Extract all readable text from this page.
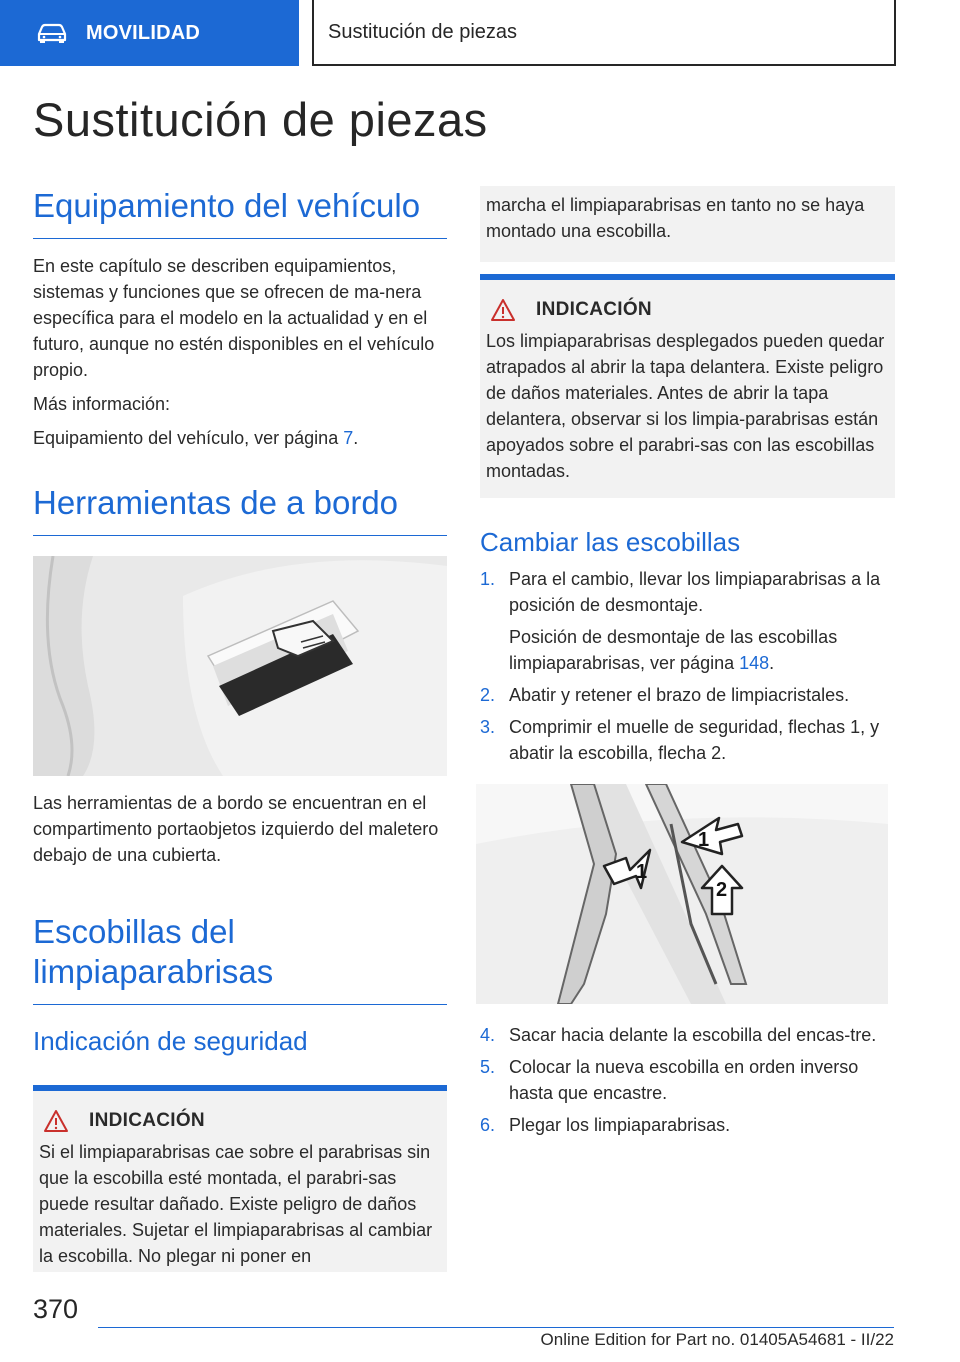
MOVILIDAD	Sustitución de piezas
Sustitución de piezas
Equipamiento del vehículo

En este capítulo se describen equipamientos, sistemas y funciones que se ofrecen de ma-nera específica para el modelo en la actualidad y en el futuro, aunque no estén disponibles en el vehículo propio.

Más información:

Equipamiento del vehículo, ver página 7.

Herramientas de a bordo

Las herramientas de a bordo se encuentran en el compartimento portaobjetos izquierdo del maletero debajo de una cubierta.

Escobillas del
limpiaparabrisas
Indicación de seguridad
INDICACIÓN

Si el limpiaparabrisas cae sobre el parabrisas sin que la escobilla esté montada, el parabri-sas puede resultar dañado. Existe peligro de daños materiales. Sujetar el limpiaparabrisas al cambiar la escobilla. No plegar ni poner en

marcha el limpiaparabrisas en tanto no se haya montado una escobilla.

INDICACIÓN

Los limpiaparabrisas desplegados pueden quedar atrapados al abrir la tapa delantera. Existe peligro de daños materiales. Antes de abrir la tapa delantera, observar si los limpia-parabrisas están apoyados sobre el parabri-sas con las escobillas montadas.

Cambiar las escobillas
1. Para el cambio, llevar los limpiaparabrisas a la posición de desmontaje.
Posición de desmontaje de las escobillas limpiaparabrisas, ver página 148.
2. Abatir y retener el brazo de limpiacristales.
3. Comprimir el muelle de seguridad, flechas 1, y abatir la escobilla, flecha 2.
1
1
2
4. Sacar hacia delante la escobilla del encas-tre.
5. Colocar la nueva escobilla en orden inverso hasta que encastre.
6. Plegar los limpiaparabrisas.
370
Online Edition for Part no. 01405A54681 - II/22
